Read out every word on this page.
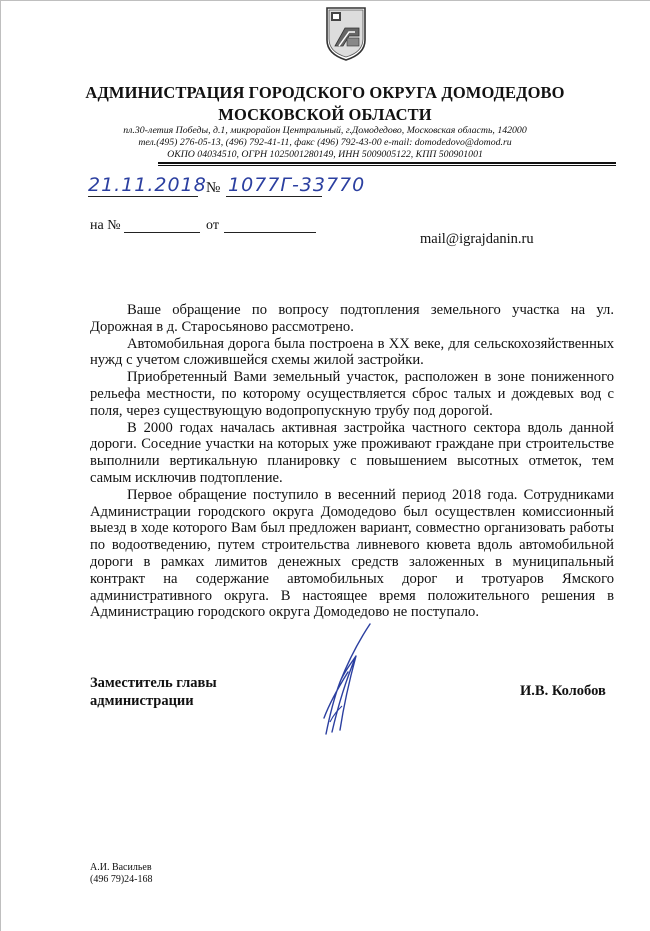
АДМИНИСТРАЦИЯ ГОРОДСКОГО ОКРУГА ДОМОДЕДОВО
МОСКОВСКОЙ ОБЛАСТИ
пл.30-летия Победы, д.1, микрорайон Центральный, г.Домодедово, Московская область, 142000
тел.(495) 276-05-13, (496) 792-41-11, факс (496) 792-43-00 e-mail: domodedovo@domod.ru
ОКПО 04034510, ОГРН 1025001280149, ИНН 5009005122, КПП 500901001
21.11.2018 № 1077Г-33770
на №	от
mail@igrajdanin.ru

Ваше обращение по вопросу подтопления земельного участка на ул. Дорожная в д. Старосьяново рассмотрено.

Автомобильная дорога была построена в XX веке, для сельскохозяйственных нужд с учетом сложившейся схемы жилой застройки.

Приобретенный Вами земельный участок, расположен в зоне пониженного рельефа местности, по которому осуществляется сброс талых и дождевых вод с поля, через существующую водопропускную трубу под дорогой.

В 2000 годах началась активная застройка частного сектора вдоль данной дороги. Соседние участки на которых уже проживают граждане при строительстве выполнили вертикальную планировку с повышением высотных отметок, тем самым исключив подтопление.

Первое обращение поступило в весенний период 2018 года. Сотрудниками Администрации городского округа Домодедово был осуществлен комиссионный выезд в ходе которого Вам был предложен вариант, совместно организовать работы по водоотведению, путем строительства ливневого кювета вдоль автомобильной дороги в рамках лимитов денежных средств заложенных в муниципальный контракт на содержание автомобильных дорог и тротуаров Ямского административного округа. В настоящее время положительного решения в Администрацию городского округа Домодедово не поступало.

Заместитель главы
администрации
И.В. Колобов
А.И. Васильев
(496 79)24-168
